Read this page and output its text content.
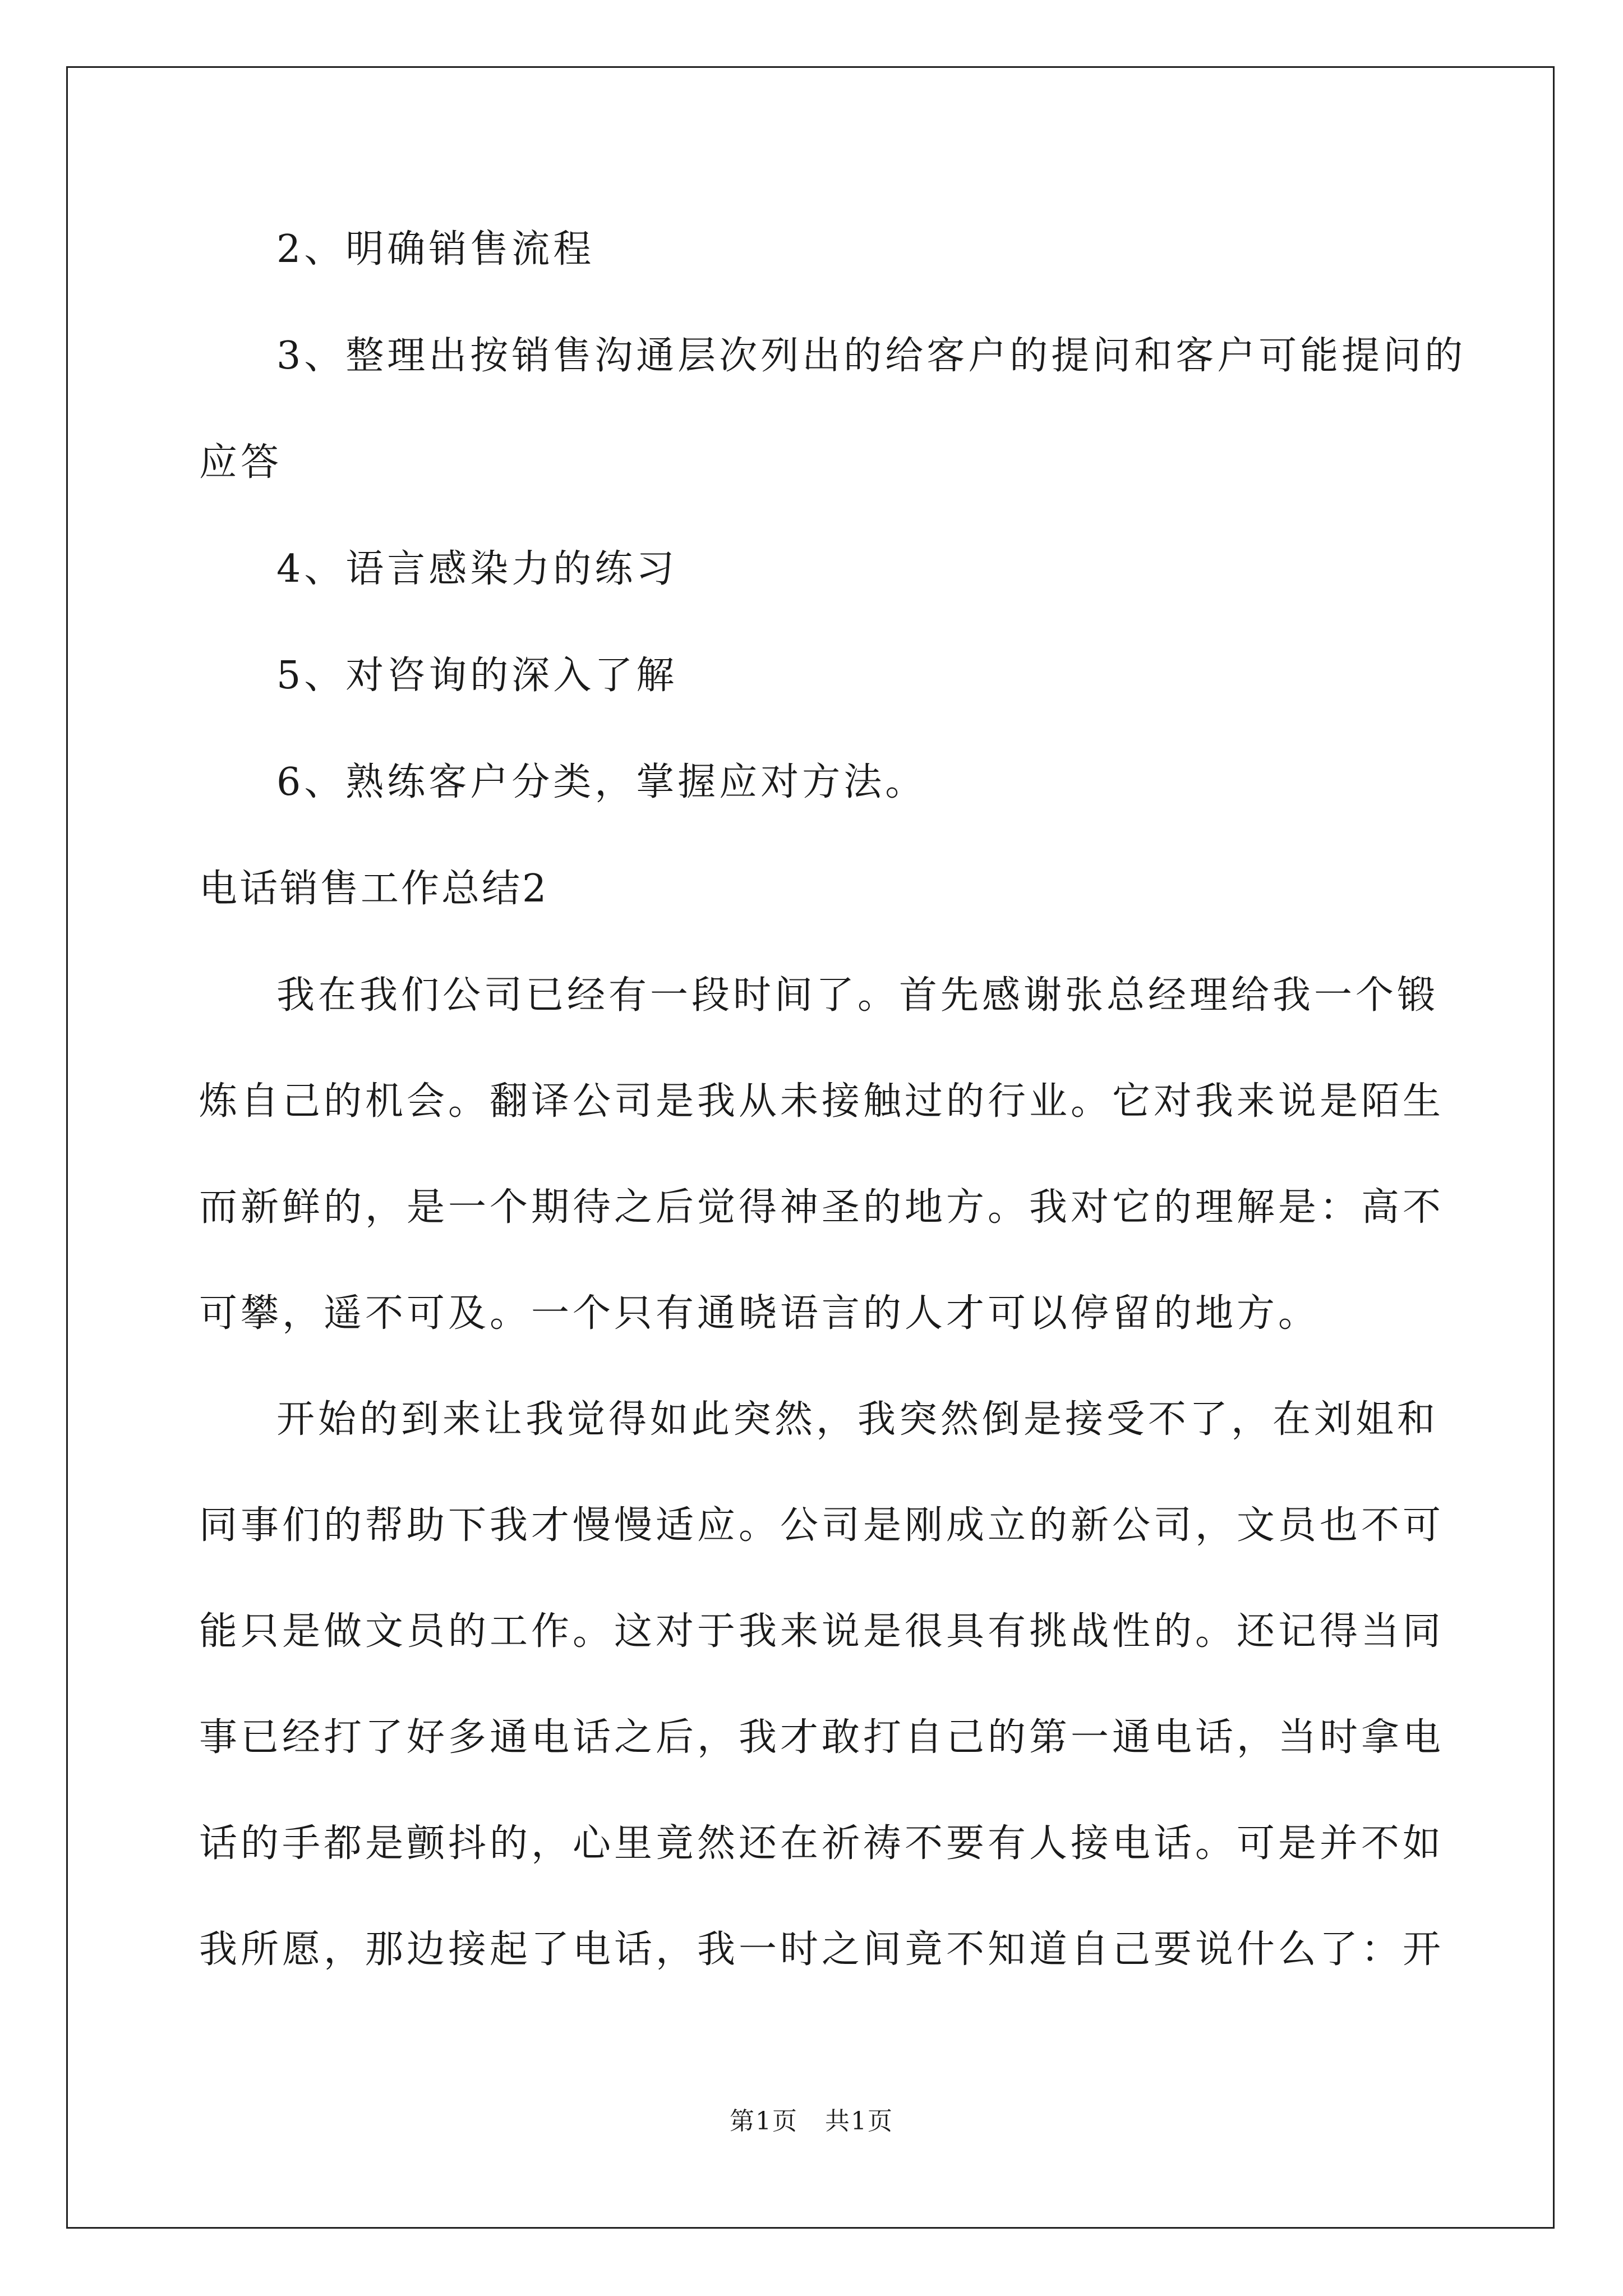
2、明确销售流程
3、整理出按销售沟通层次列出的给客户的提问和客户可能提问的
应答
4、语言感染力的练习
5、对咨询的深入了解
6、熟练客户分类，掌握应对方法。
电话销售工作总结2
我在我们公司已经有一段时间了。首先感谢张总经理给我一个锻
炼自己的机会。翻译公司是我从未接触过的行业。它对我来说是陌生
而新鲜的，是一个期待之后觉得神圣的地方。我对它的理解是：高不
可攀，遥不可及。一个只有通晓语言的人才可以停留的地方。
开始的到来让我觉得如此突然，我突然倒是接受不了，在刘姐和
同事们的帮助下我才慢慢适应。公司是刚成立的新公司，文员也不可
能只是做文员的工作。这对于我来说是很具有挑战性的。还记得当同
事已经打了好多通电话之后，我才敢打自己的第一通电话，当时拿电
话的手都是颤抖的，心里竟然还在祈祷不要有人接电话。可是并不如
我所愿，那边接起了电话，我一时之间竟不知道自己要说什么了：开
第1页 共1页
